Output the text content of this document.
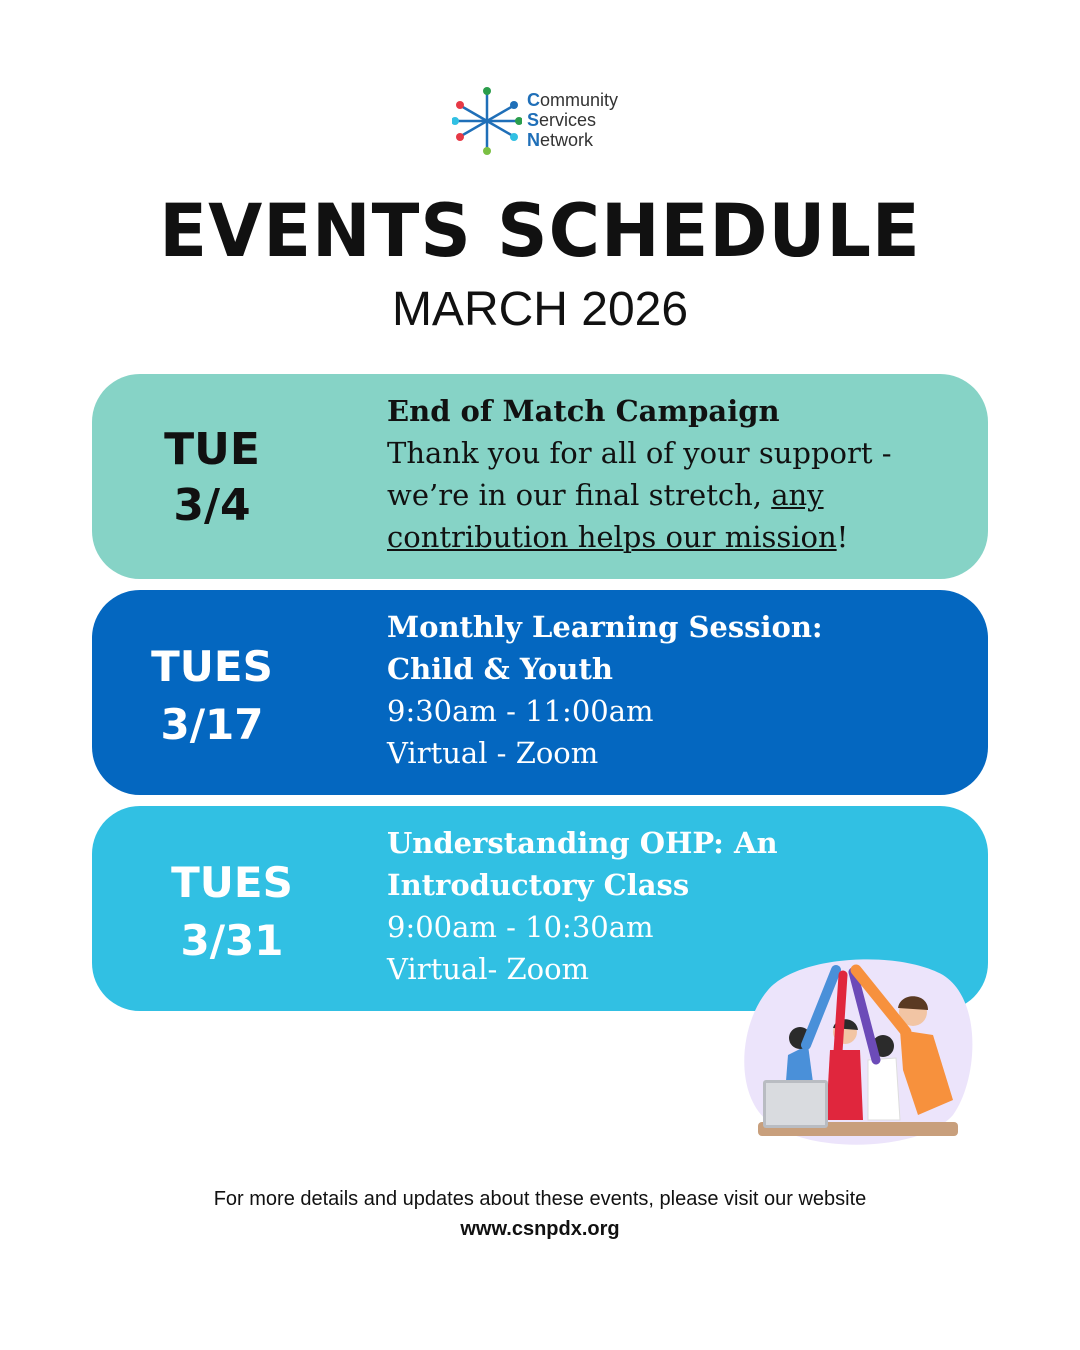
Community
Services
Network
EVENTS SCHEDULE
MARCH 2026
TUE
3/4
End of Match Campaign
Thank you for all of your support -
we’re in our final stretch, any
contribution helps our mission!
TUES
3/17
Monthly Learning Session:
Child & Youth
9:30am - 11:00am
Virtual - Zoom
TUES
3/31
Understanding OHP: An
Introductory Class
9:00am - 10:30am
Virtual- Zoom
For more details and updates about these events, please visit our website
www.csnpdx.org
